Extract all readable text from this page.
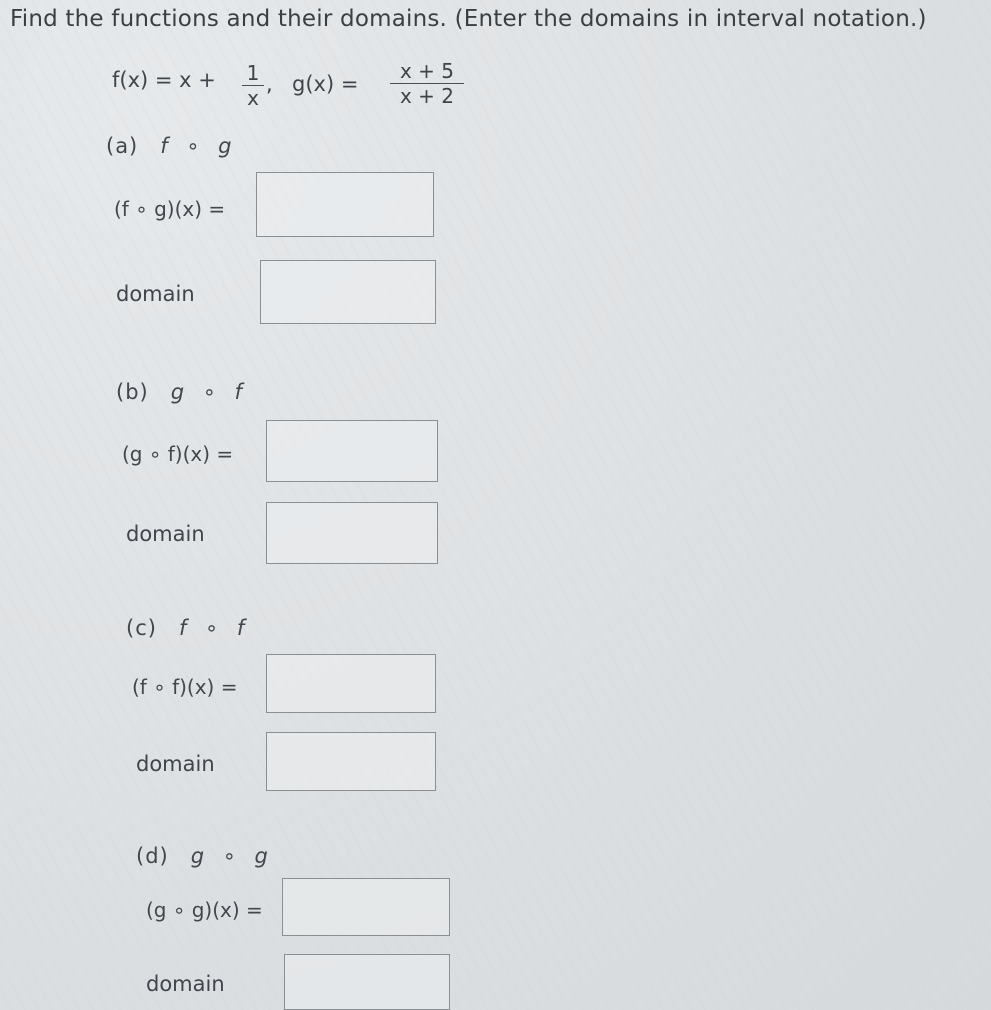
Find the functions and their domains. (Enter the domains in interval notation.)
f(x) = x + 1
x
, g(x) =
x + 5
x + 2
(a) f ∘ g
(f ∘ g)(x) =
domain
(b) g ∘ f
(g ∘ f)(x) =
domain
(c) f ∘ f
(f ∘ f)(x) =
domain
(d) g ∘ g
(g ∘ g)(x) =
domain
